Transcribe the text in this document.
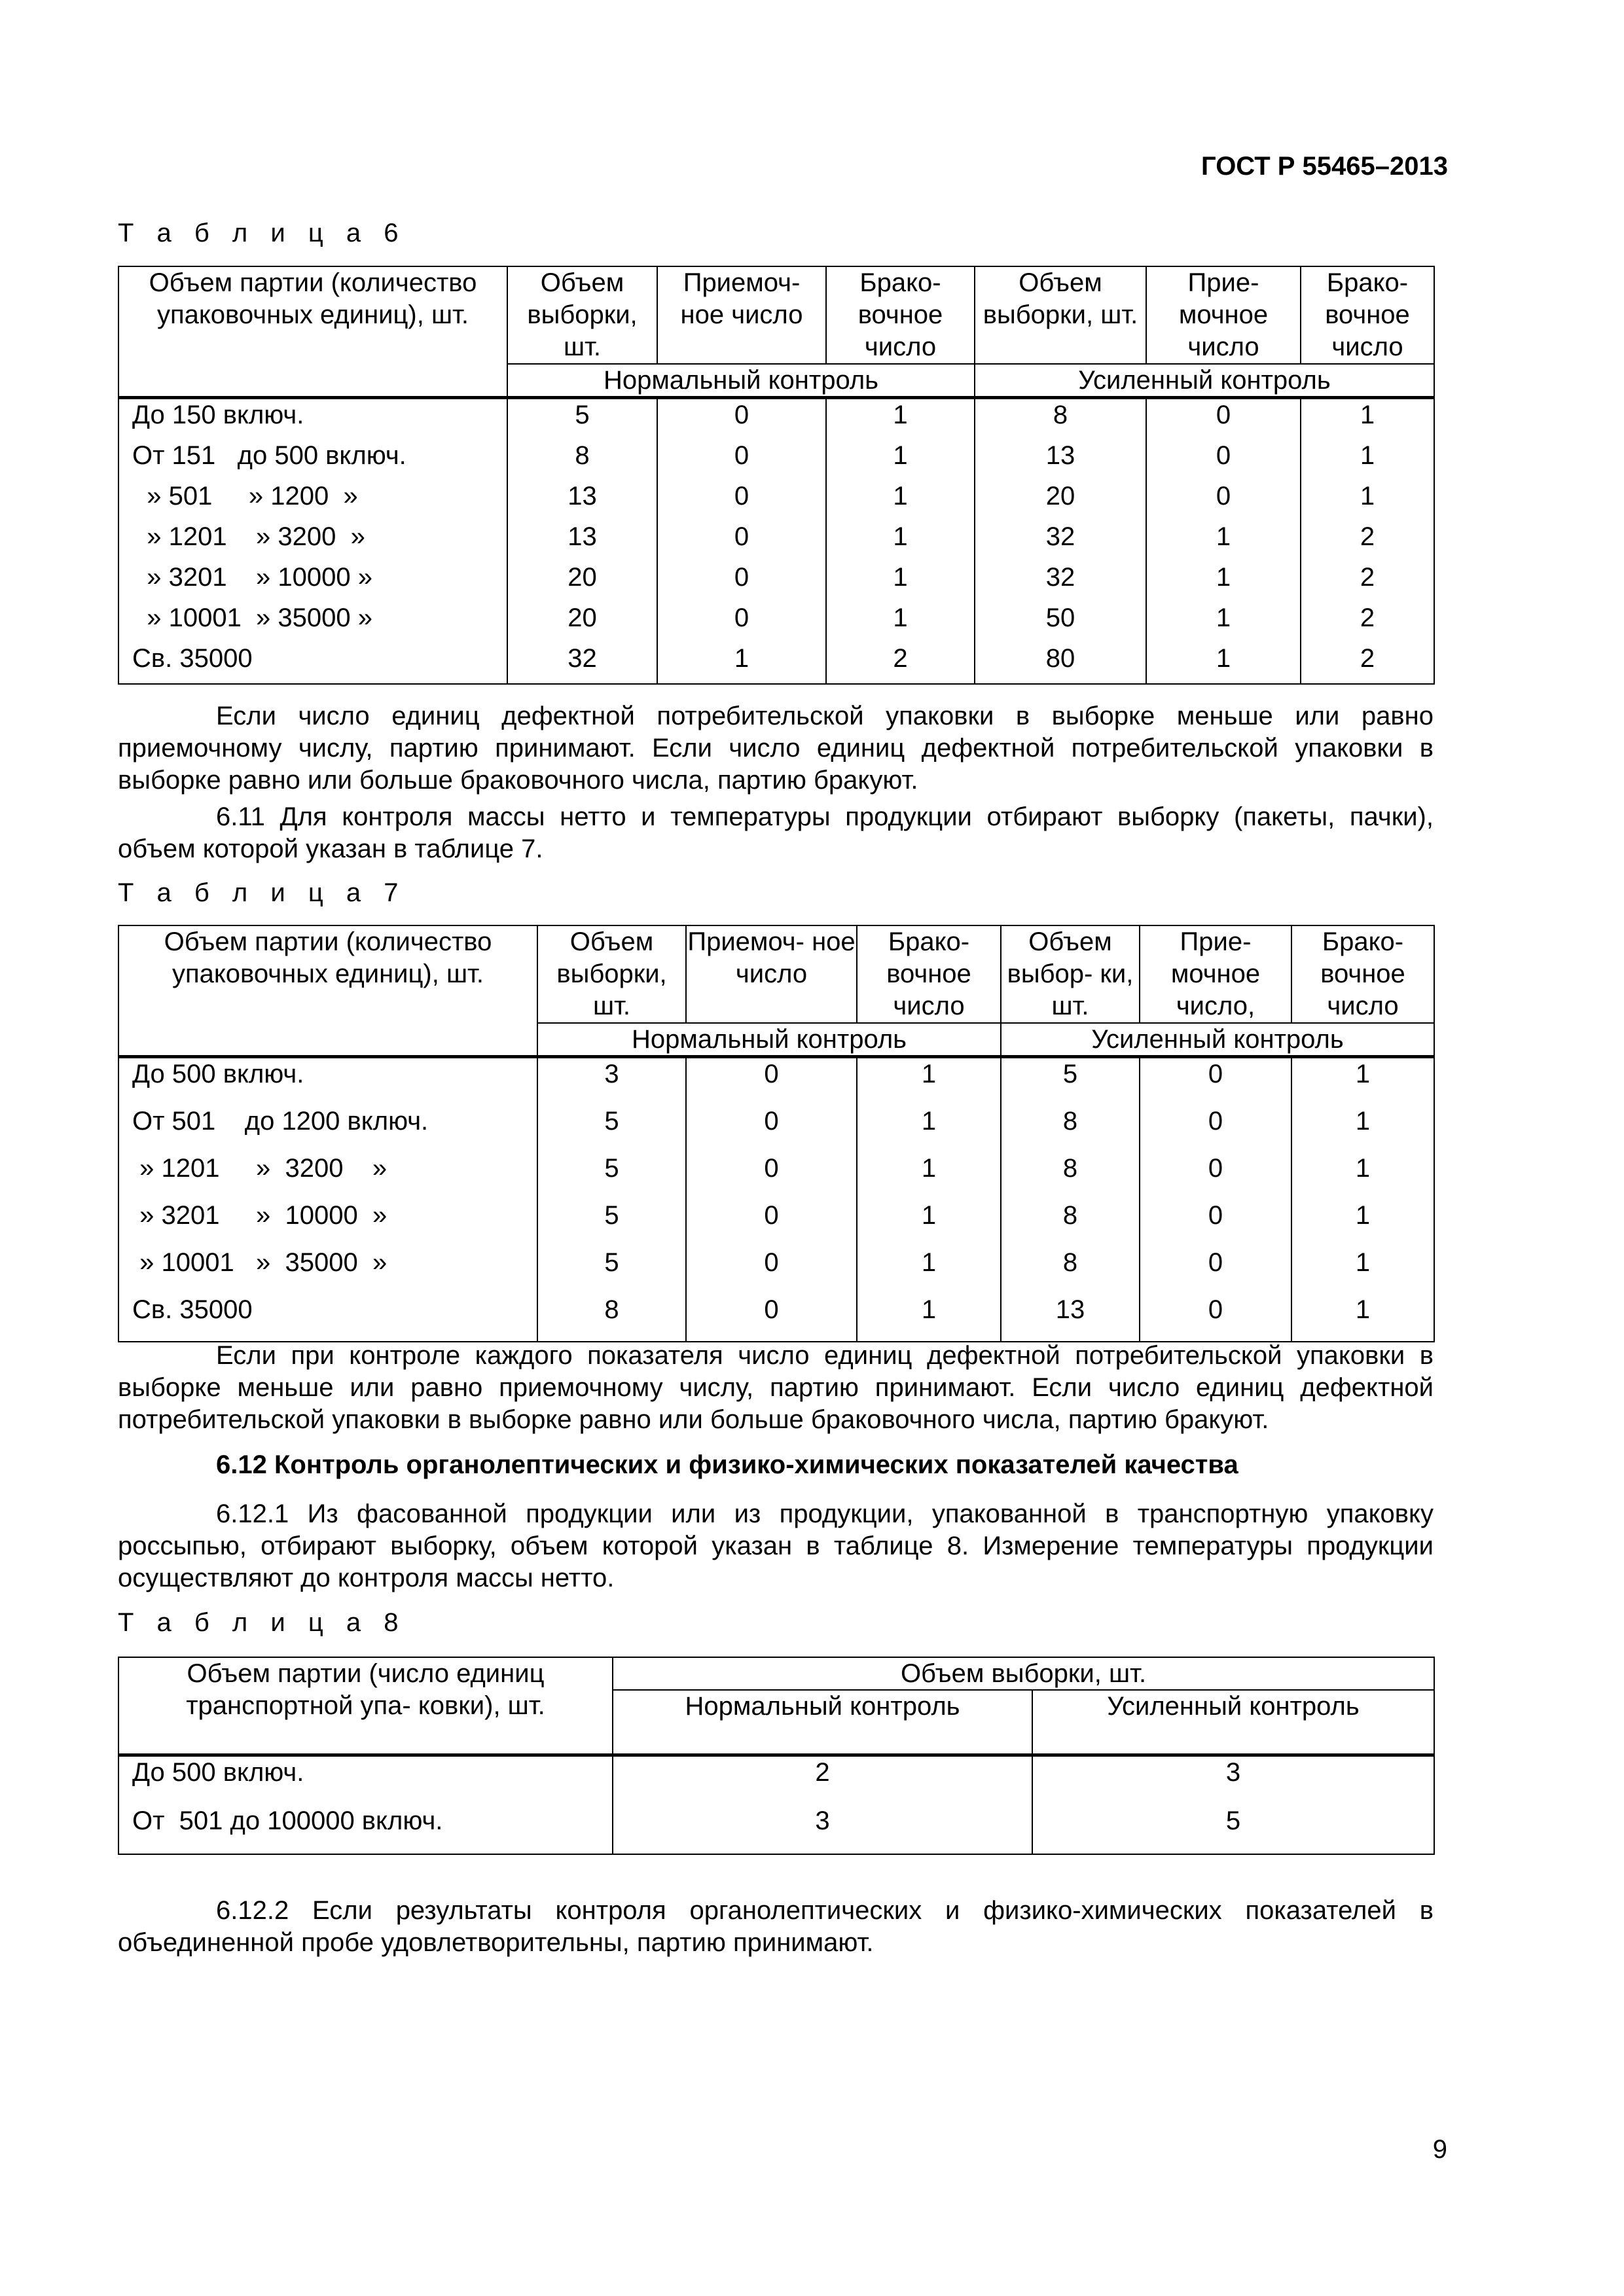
ГОСТ Р 55465–2013
Т а б л и ц а 6
Объем партии (количество упаковочных единиц), шт.	Объем выборки, шт.	Приемоч- ное число	Брако- вочное число	Объем выборки, шт.	Прие- мочное число	Брако- вочное число
	Нормальный контроль			Усиленный контроль		
До 150 включ.	5	0	1	8	0	1
От 151   до 500 включ.	8	0	1	13	0	1
» 501     » 1200  »	13	0	1	20	0	1
» 1201    » 3200  »	13	0	1	32	1	2
» 3201    » 10000 »	20	0	1	32	1	2
» 10001  » 35000 »	20	0	1	50	1	2
Св. 35000	32	1	2	80	1	2
Если число единиц дефектной потребительской упаковки в выборке меньше или равно приемочному числу, партию принимают. Если число единиц дефектной потребительской упаковки в выборке равно или больше браковочного числа, партию бракуют.
6.11 Для контроля массы нетто и температуры продукции отбирают выборку (пакеты, пачки), объем которой указан в таблице 7.
Т а б л и ц а 7
Объем партии (количество упаковочных единиц), шт.	Объем выборки, шт.	Приемоч- ное число	Брако- вочное число	Объем выбор- ки, шт.	Прие- мочное число,	Брако- вочное число
	Нормальный контроль			Усиленный контроль		
До 500 включ.	3	0	1	5	0	1
От 501    до 1200 включ.	5	0	1	8	0	1
» 1201     »  3200    »	5	0	1	8	0	1
» 3201     »  10000  »	5	0	1	8	0	1
» 10001   »  35000  »	5	0	1	8	0	1
Св. 35000	8	0	1	13	0	1
Если при контроле каждого показателя число единиц дефектной потребительской упаковки в выборке меньше или равно приемочному числу, партию принимают. Если число единиц дефектной потребительской упаковки в выборке равно или больше браковочного числа, партию бракуют.
6.12 Контроль органолептических и физико-химических показателей качества
6.12.1 Из фасованной продукции или из продукции, упакованной в транспортную упаковку россыпью, отбирают выборку, объем которой указан в таблице 8. Измерение температуры продукции осуществляют до контроля массы нетто.
Т а б л и ц а 8
Объем партии (число единиц транспортной упа- ковки), шт.	Объем выборки, шт.	
	Нормальный контроль	Усиленный контроль
До 500 включ.	2	3
От  501 до 100000 включ.	3	5
6.12.2 Если результаты контроля органолептических и физико-химических показателей в объединенной пробе удовлетворительны, партию принимают.
9
